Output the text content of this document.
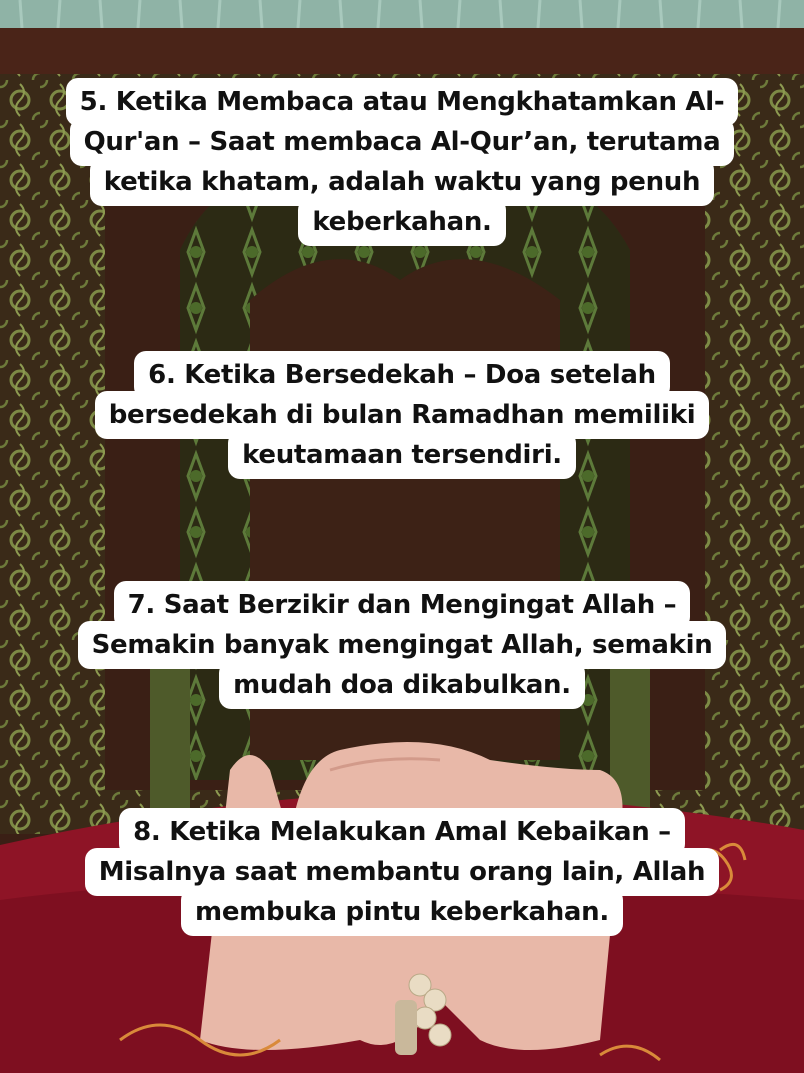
5. Ketika Membaca atau Mengkhatamkan Al-
Qur'an – Saat membaca Al-Qur’an, terutama
ketika khatam, adalah waktu yang penuh
keberkahan.
6. Ketika Bersedekah – Doa setelah
bersedekah di bulan Ramadhan memiliki
keutamaan tersendiri.
7. Saat Berzikir dan Mengingat Allah –
Semakin banyak mengingat Allah, semakin
mudah doa dikabulkan.
8. Ketika Melakukan Amal Kebaikan –
Misalnya saat membantu orang lain, Allah
membuka pintu keberkahan.
